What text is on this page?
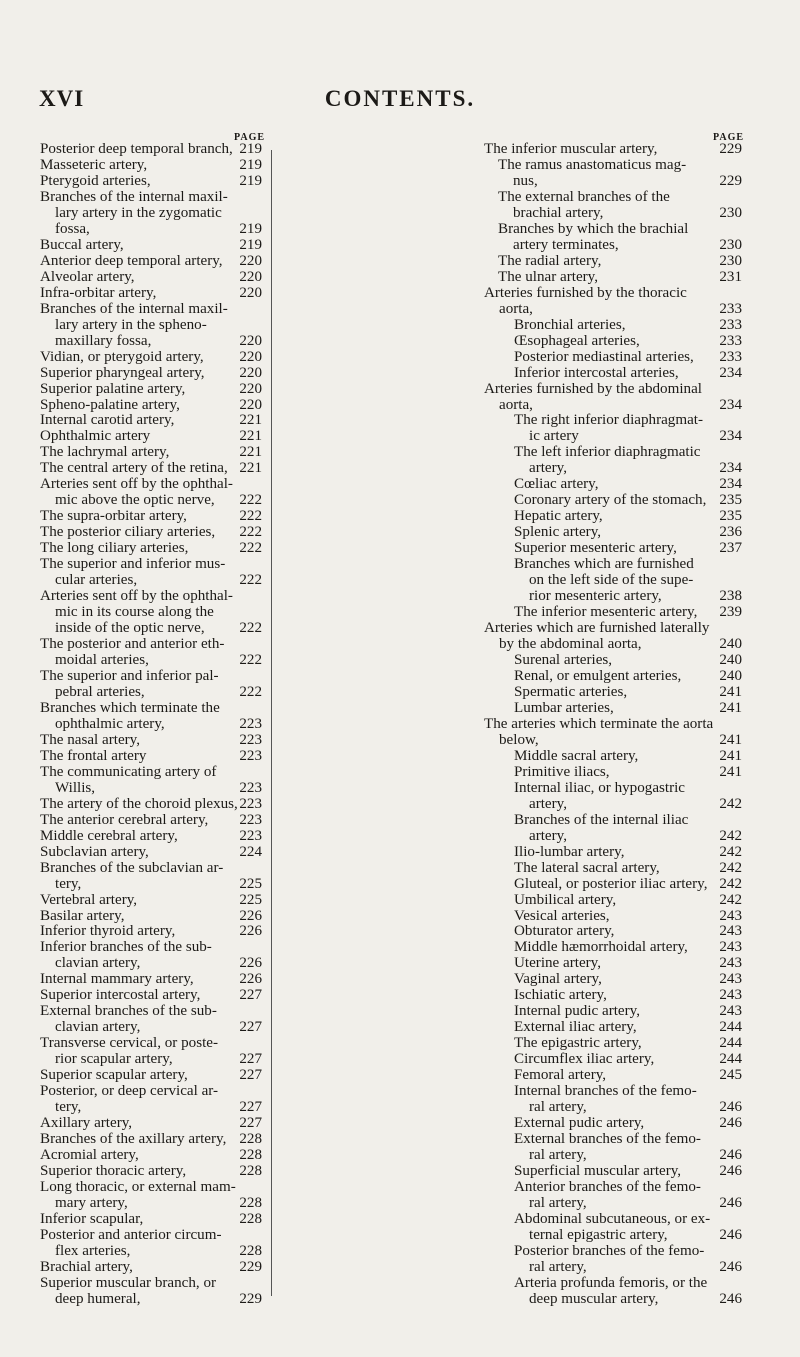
XVI	CONTENTS.
PAGE	PAGE
Posterior deep temporal branch, 219
Masseteric artery,	219
Pterygoid arteries,	219
Branches of the internal maxil-
lary artery in the zygomatic
fossa,	219
Buccal artery,	219
Anterior deep temporal artery, 220
Alveolar artery,	220
Infra-orbitar artery,	220
Branches of the internal maxil-
lary artery in the spheno-
maxillary fossa,	220
Vidian, or pterygoid artery, 220
Superior pharyngeal artery, 220
Superior palatine artery,	220
Spheno-palatine artery,	220
Internal carotid artery,	221
Ophthalmic artery	221
The lachrymal artery,	221
The central artery of the retina, 221
Arteries sent off by the ophthal-
mic above the optic nerve, 222
The supra-orbitar artery,	222
The posterior ciliary arteries, 222
The long ciliary arteries,	222
The superior and inferior mus-
cular arteries,	222
Arteries sent off by the ophthal-
mic in its course along the
inside of the optic nerve, 222
The posterior and anterior eth-
moidal arteries,	222
The superior and inferior pal-
pebral arteries,	222
Branches which terminate the
ophthalmic artery,	223
The nasal artery,	223
The frontal artery	223
The communicating artery of
Willis,	223
The artery of the choroid plexus, 223
The anterior cerebral artery, 223
Middle cerebral artery,	223
Subclavian artery,	224
Branches of the subclavian ar-
tery,	225
Vertebral artery,	225
Basilar artery,	226
Inferior thyroid artery,	226
Inferior branches of the sub-
clavian artery,	226
Internal mammary artery,	226
Superior intercostal artery,	227
External branches of the sub-
clavian artery,	227
Transverse cervical, or poste-
rior scapular artery,	227
Superior scapular artery,	227
Posterior, or deep cervical ar-
tery,	227
Axillary artery,	227
Branches of the axillary artery, 228
Acromial artery,	228
Superior thoracic artery,	228
Long thoracic, or external mam-
mary artery,	228
Inferior scapular,	228
Posterior and anterior circum-
flex arteries,	228
Brachial artery,	229
Superior muscular branch, or
deep humeral,	229
The inferior muscular artery,	229
The ramus anastomaticus mag-
nus,	229
The external branches of the
brachial artery,	230
Branches by which the brachial
artery terminates,	230
The radial artery,	230
The ulnar artery,	231
Arteries furnished by the thoracic
aorta,	233
Bronchial arteries,	233
Œsophageal arteries,	233
Posterior mediastinal arteries, 233
Inferior intercostal arteries,	234
Arteries furnished by the abdominal
aorta,	234
The right inferior diaphragmat-
ic artery	234
The left inferior diaphragmatic
artery,	234
Cœliac artery,	234
Coronary artery of the stomach, 235
Hepatic artery,	235
Splenic artery,	236
Superior mesenteric artery,	237
Branches which are furnished
on the left side of the supe-
rior mesenteric artery,	238
The inferior mesenteric artery, 239
Arteries which are furnished laterally
by the abdominal aorta,	240
Surenal arteries,	240
Renal, or emulgent arteries,	240
Spermatic arteries,	241
Lumbar arteries,	241
The arteries which terminate the aorta
below,	241
Middle sacral artery,	241
Primitive iliacs,	241
Internal iliac, or hypogastric
artery,	242
Branches of the internal iliac
artery,	242
Ilio-lumbar artery,	242
The lateral sacral artery,	242
Gluteal, or posterior iliac artery, 242
Umbilical artery,	242
Vesical arteries,	243
Obturator artery,	243
Middle hæmorrhoidal artery, 243
Uterine artery,	243
Vaginal artery,	243
Ischiatic artery,	243
Internal pudic artery,	243
External iliac artery,	244
The epigastric artery,	244
Circumflex iliac artery,	244
Femoral artery,	245
Internal branches of the femo-
ral artery,	246
External pudic artery,	246
External branches of the femo-
ral artery,	246
Superficial muscular artery,	246
Anterior branches of the femo-
ral artery,	246
Abdominal subcutaneous, or ex-
ternal epigastric artery,	246
Posterior branches of the femo-
ral artery,	246
Arteria profunda femoris, or the
deep muscular artery,	246
